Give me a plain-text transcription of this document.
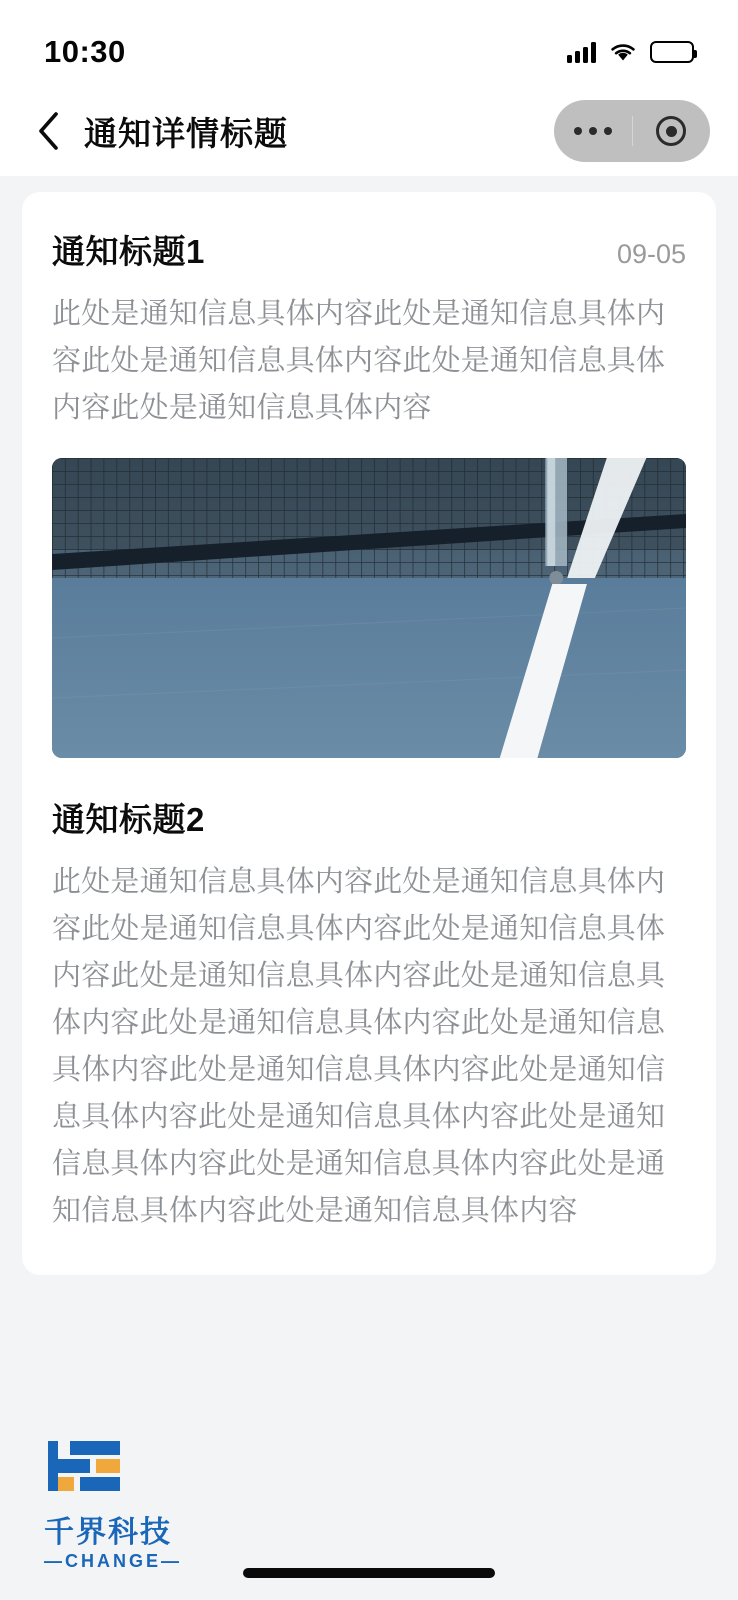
10:30
通知详情标题
通知标题1	09-05
此处是通知信息具体内容此处是通知信息具体内容此处是通知信息具体内容此处是通知信息具体内容此处是通知信息具体内容
通知标题2
此处是通知信息具体内容此处是通知信息具体内容此处是通知信息具体内容此处是通知信息具体内容此处是通知信息具体内容此处是通知信息具体内容此处是通知信息具体内容此处是通知信息具体内容此处是通知信息具体内容此处是通知信息具体内容此处是通知信息具体内容此处是通知信息具体内容此处是通知信息具体内容此处是通知信息具体内容此处是通知信息具体内容
千界科技
—CHANGE—
